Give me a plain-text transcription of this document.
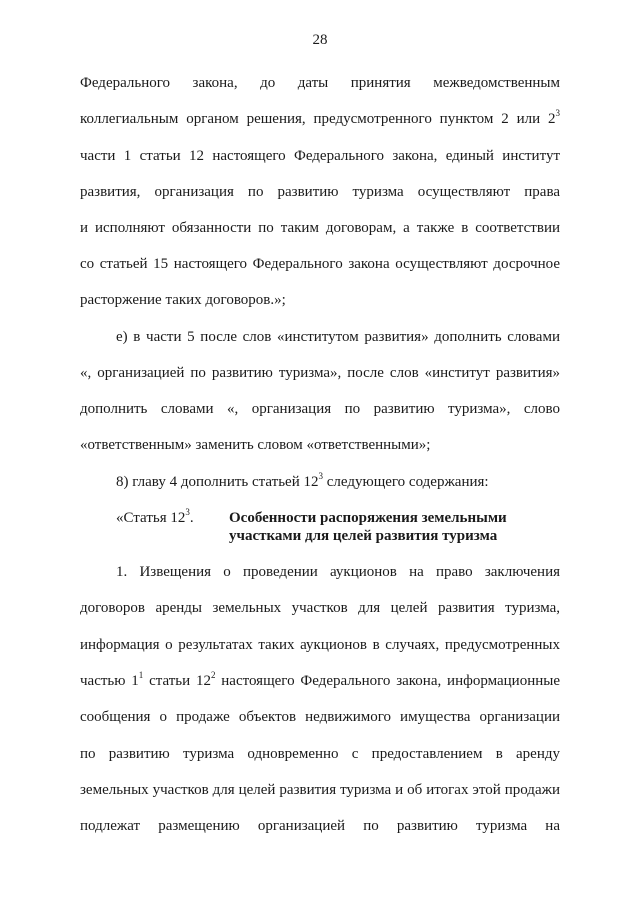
28
Федерального закона, до даты принятия межведомственным
коллегиальным органом решения, предусмотренного пунктом 2 или $2^3$
части 1 статьи 12 настоящего Федерального закона, единый институт
развития, организация по развитию туризма осуществляют права
и исполняют обязанности по таким договорам, а также в соответствии
со статьей 15 настоящего Федерального закона осуществляют досрочное
расторжение таких договоров.»;
е) в части 5 после слов «институтом развития» дополнить словами
«, организацией по развитию туризма», после слов «институт развития»
дополнить словами «, организация по развитию туризма», слово
«ответственным» заменить словом «ответственными»;
8) главу 4 дополнить статьей $12^3$ следующего содержания:
«Статья $12^3$. Особенности распоряжения земельными
участками для целей развития туризма
1. Извещения о проведении аукционов на право заключения
договоров аренды земельных участков для целей развития туризма,
информация о результатах таких аукционов в случаях, предусмотренных
частью $1^1$ статьи $12^2$ настоящего Федерального закона, информационные
сообщения о продаже объектов недвижимого имущества организации
по развитию туризма одновременно с предоставлением в аренду
земельных участков для целей развития туризма и об итогах этой продажи
подлежат размещению организацией по развитию туризма на
